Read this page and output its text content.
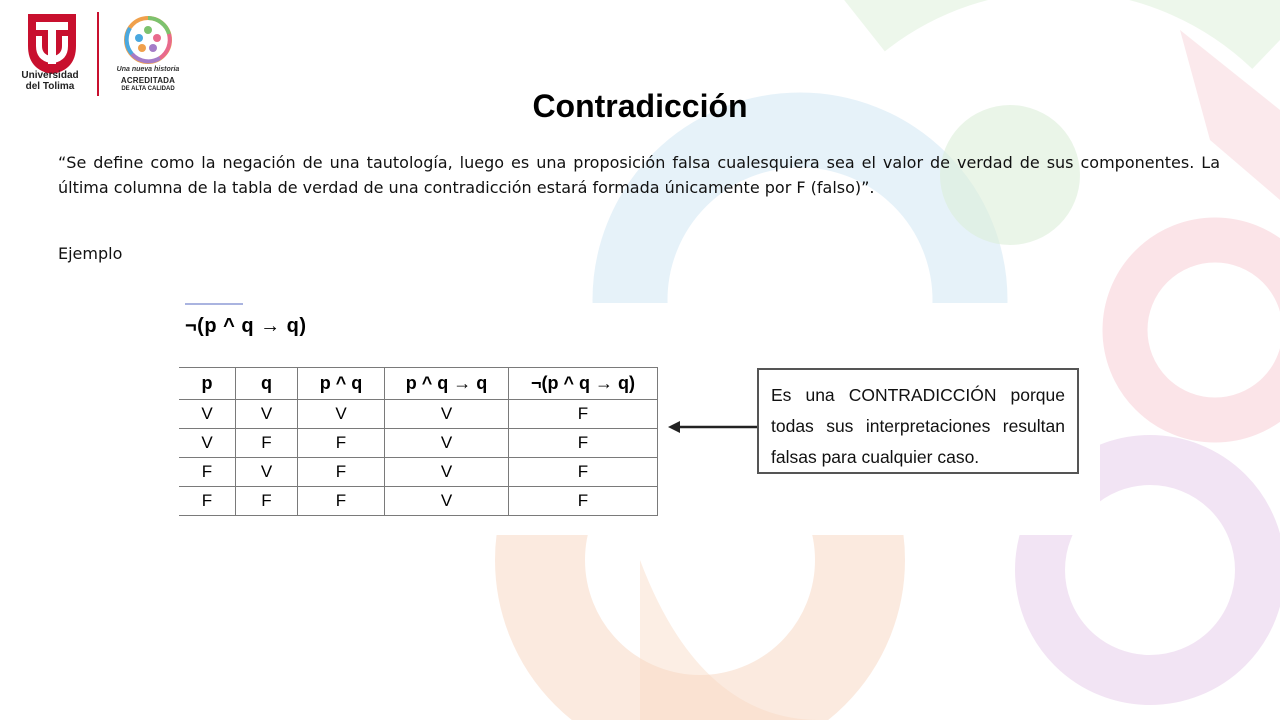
Universidad
del Tolima
Una nueva historia
ACREDITADA
DE ALTA CALIDAD	Contradicción
“Se define como la negación de una tautología, luego es una proposición falsa cualesquiera sea el valor de verdad de sus componentes. La última columna de la tabla de verdad de una contradicción estará formada únicamente por F (falso)”.
Ejemplo
¬(p ^ q → q)
p	q	p ^ q	p ^ q → q	¬(p ^ q → q)
V	V	V	V	F
V	F	F	V	F
F	V	F	V	F
F	F	F	V	F
Es una CONTRADICCIÓN porque todas sus interpretaciones resultan falsas para cualquier caso.
